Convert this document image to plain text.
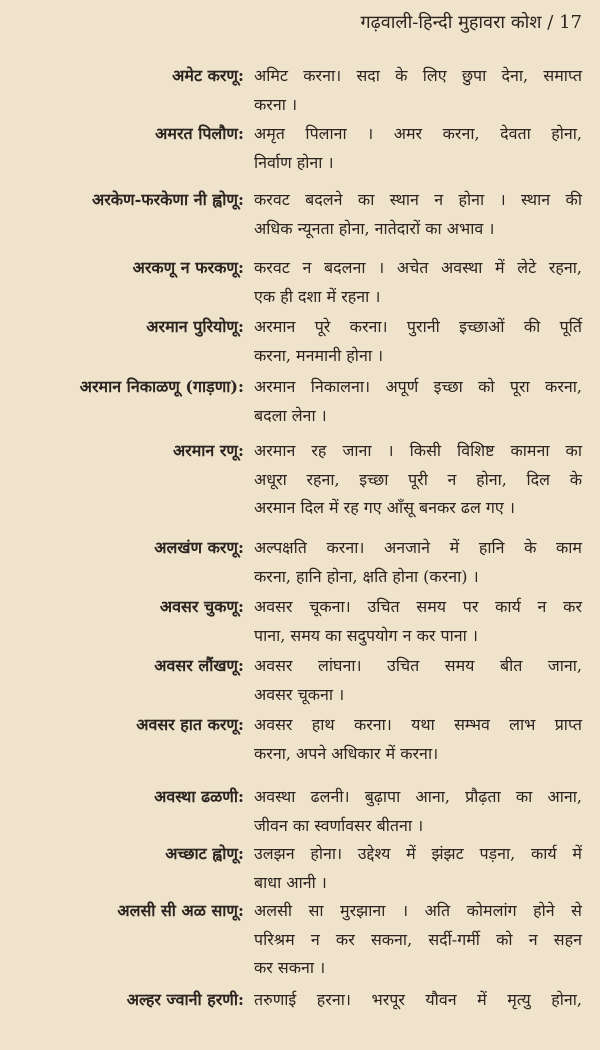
गढ़वाली-हिन्दी मुहावरा कोश / 17
अमेट करणू : अमिट करना। सदा के लिए छुपा देना, समाप्त
करना ।
अमरत पिलौण : अमृत पिलाना । अमर करना, देवता होना,
निर्वाण होना ।
अरकेण-फरकेणा नी ह्वोणू : करवट बदलने का स्थान न होना । स्थान की
अधिक न्यूनता होना, नातेदारों का अभाव ।
अरकणू न फरकणू : करवट न बदलना । अचेत अवस्था में लेटे रहना,
एक ही दशा में रहना ।
अरमान पुरियोणू : अरमान पूरे करना। पुरानी इच्छाओं की पूर्ति
करना, मनमानी होना ।
अरमान निकाळणू (गाड़णा) : अरमान निकालना। अपूर्ण इच्छा को पूरा करना,
बदला लेना ।
अरमान रणू : अरमान रह जाना । किसी विशिष्ट कामना का
अधूरा रहना, इच्छा पूरी न होना, दिल के
अरमान दिल में रह गए आँसू बनकर ढल गए ।
अलखंण करणू : अल्पक्षति करना। अनजाने में हानि के काम
करना, हानि होना, क्षति होना (करना) ।
अवसर चुकणू : अवसर चूकना। उचित समय पर कार्य न कर
पाना, समय का सदुपयोग न कर पाना ।
अवसर लौंखणू : अवसर लांघना। उचित समय बीत जाना,
अवसर चूकना ।
अवसर हात करणू : अवसर हाथ करना। यथा सम्भव लाभ प्राप्त
करना, अपने अधिकार में करना।
अवस्था ढळणी : अवस्था ढलनी। बुढ़ापा आना, प्रौढ़ता का आना,
जीवन का स्वर्णावसर बीतना ।
अच्छाट ह्वोणू : उलझन होना। उद्देश्य में झंझट पड़ना, कार्य में
बाधा आनी ।
अलसी सी अळ साणू : अलसी सा मुरझाना । अति कोमलांग होने से
परिश्रम न कर सकना, सर्दी-गर्मी को न सहन
कर सकना ।
अल्हर ज्वानी हरणी : तरुणाई हरना। भरपूर यौवन में मृत्यु होना,
